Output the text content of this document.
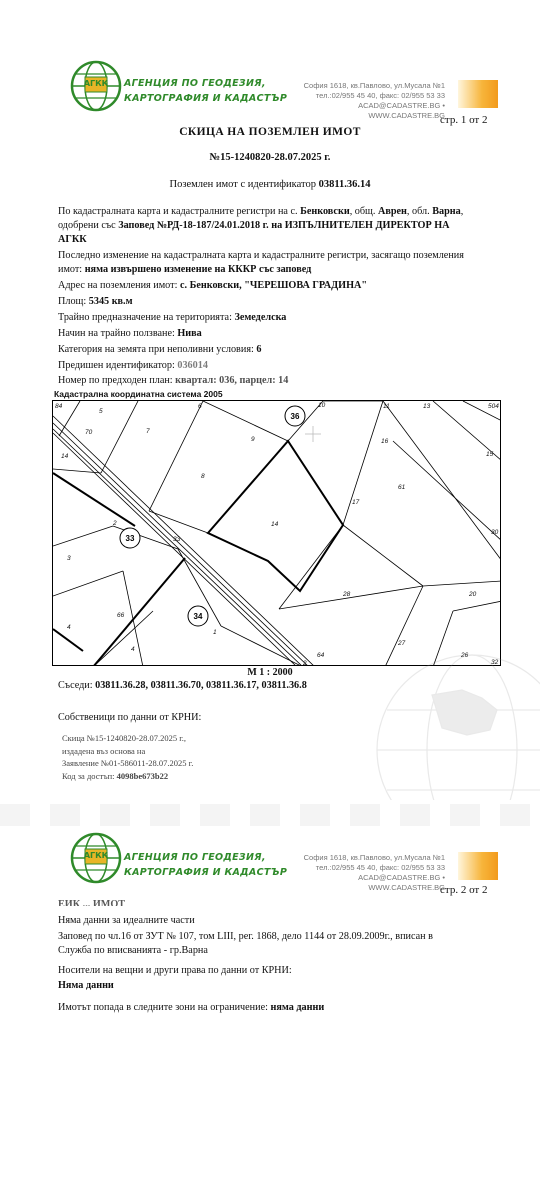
АГКК АГЕНЦИЯ ПО ГЕОДЕЗИЯ,
КАРТОГРАФИЯ И КАДАСТЪР
София 1618, кв.Павлово, ул.Мусала №1
тел.:02/955 45 40, факс: 02/955 53 33
ACAD@CADASTRE.BG • WWW.CADASTRE.BG
стр. 1 от 2
СКИЦА НА ПОЗЕМЛЕН ИМОТ
№15-1240820-28.07.2025 г.
Поземлен имот с идентификатор 03811.36.14
По кадастралната карта и кадастралните регистри на с. Бенковски, общ. Аврен, обл. Варна,
одобрени със Заповед №РД-18-187/24.01.2018 г. на ИЗПЪЛНИТЕЛЕН ДИРЕКТОР НА
АГКК
Последно изменение на кадастралната карта и кадастралните регистри, засягащо поземления
имот: няма извършено изменение на КККР със заповед
Адрес на поземления имот: с. Бенковски, "ЧЕРЕШОВА ГРАДИНА"
Площ: 5345 кв.м
Трайно предназначение на територията: Земеделска
Начин на трайно ползване: Нива
Категория на земята при неполивни условия: 6
Предишен идентификатор: 036014
Номер по предходен план: квартал: 036, парцел: 14
Кадастрална координатна система 2005
36
33
34
84
5
6
9
10	11	13	504
70	7
16
15
14
61
8
17
2
33
14
30
3
28	20
4
66
1
27
26
4
64
2	32
М 1 : 2000
Съседи: 03811.36.28, 03811.36.70, 03811.36.17, 03811.36.8
Собственици по данни от КРНИ:
Скица №15-1240820-28.07.2025 г.,
издадена въз основа на
Заявление №01-586011-28.07.2025 г.
Код за достъп: 4098be673b22
АГКК АГЕНЦИЯ ПО ГЕОДЕЗИЯ,
КАРТОГРАФИЯ И КАДАСТЪР
София 1618, кв.Павлово, ул.Мусала №1
тел.:02/955 45 40, факс: 02/955 53 33
ACAD@CADASTRE.BG • WWW.CADASTRE.BG
стр. 2 от 2
ЕИК ... ИМОТ
Няма данни за идеалните части
Заповед по чл.16 от ЗУТ № 107, том LIII, рег. 1868, дело 1144 от 28.09.2009г., вписан в
Служба по вписванията - гр.Варна
Носители на вещни и други права по данни от КРНИ:
Няма данни
Имотът попада в следните зони на ограничение: няма данни
